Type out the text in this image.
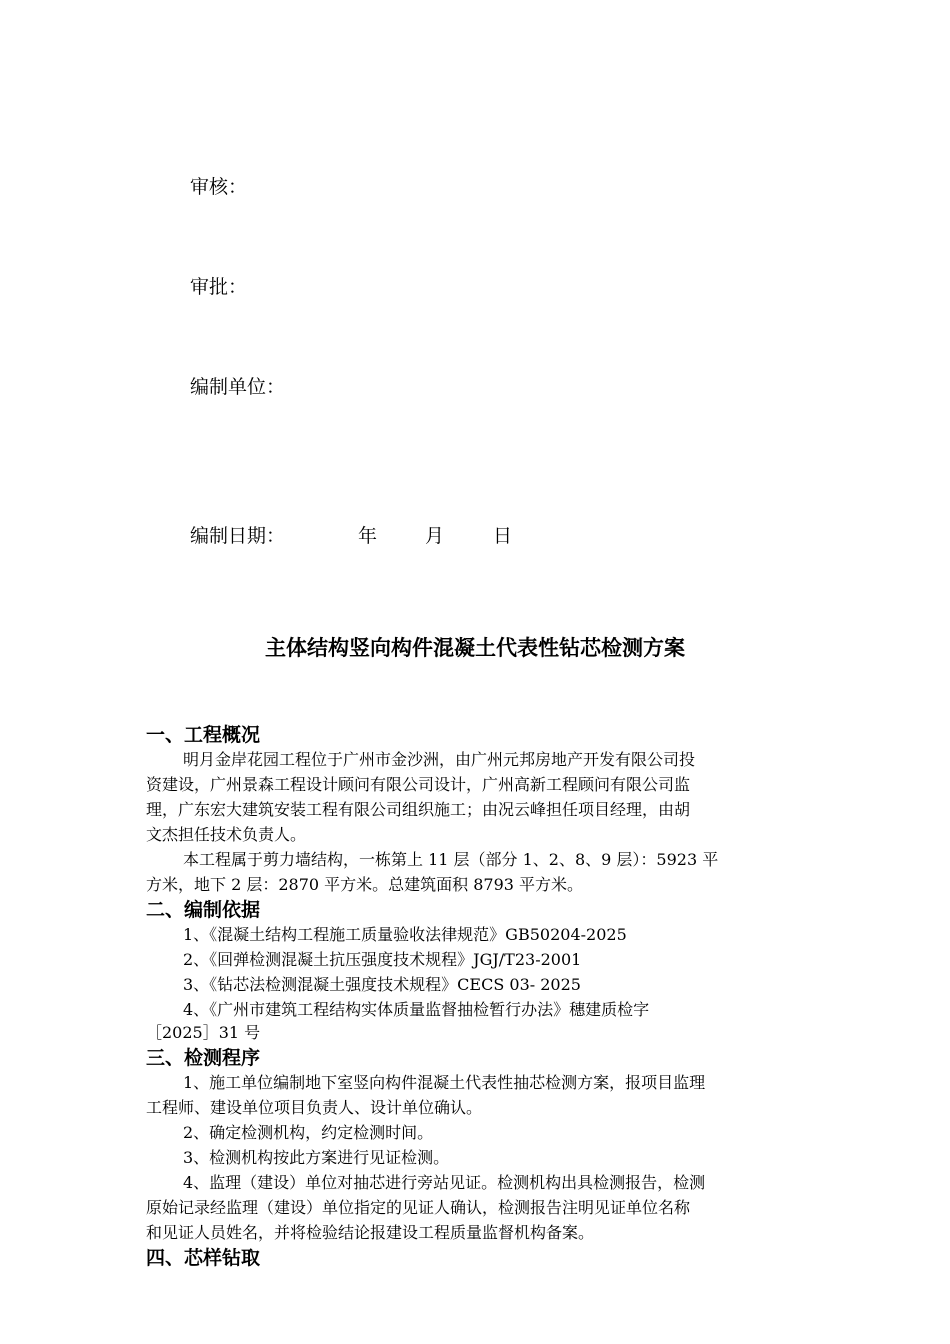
审核：
审批：
编制单位：
编制日期：	年	月	日
主体结构竖向构件混凝土代表性钻芯检测方案
一、工程概况
明月金岸花园工程位于广州市金沙洲，由广州元邦房地产开发有限公司投
资建设，广州景森工程设计顾问有限公司设计，广州高新工程顾问有限公司监
理，广东宏大建筑安装工程有限公司组织施工；由况云峰担任项目经理，由胡
文杰担任技术负责人。
本工程属于剪力墙结构，一栋第上 11 层（部分 1、2、8、9 层）：5923 平
方米，地下 2 层：2870 平方米。总建筑面积 8793 平方米。
二、编制依据
1、《混凝土结构工程施工质量验收法律规范》GB50204-2025
2、《回弹检测混凝土抗压强度技术规程》JGJ/T23-2001
3、《钻芯法检测混凝土强度技术规程》CECS 03- 2025
4、《广州市建筑工程结构实体质量监督抽检暂行办法》穗建质检字
［2025］31 号
三、检测程序
1、施工单位编制地下室竖向构件混凝土代表性抽芯检测方案，报项目监理
工程师、建设单位项目负责人、设计单位确认。
2、确定检测机构，约定检测时间。
3、检测机构按此方案进行见证检测。
4、监理（建设）单位对抽芯进行旁站见证。检测机构出具检测报告，检测
原始记录经监理（建设）单位指定的见证人确认，检测报告注明见证单位名称
和见证人员姓名，并将检验结论报建设工程质量监督机构备案。
四、芯样钻取
